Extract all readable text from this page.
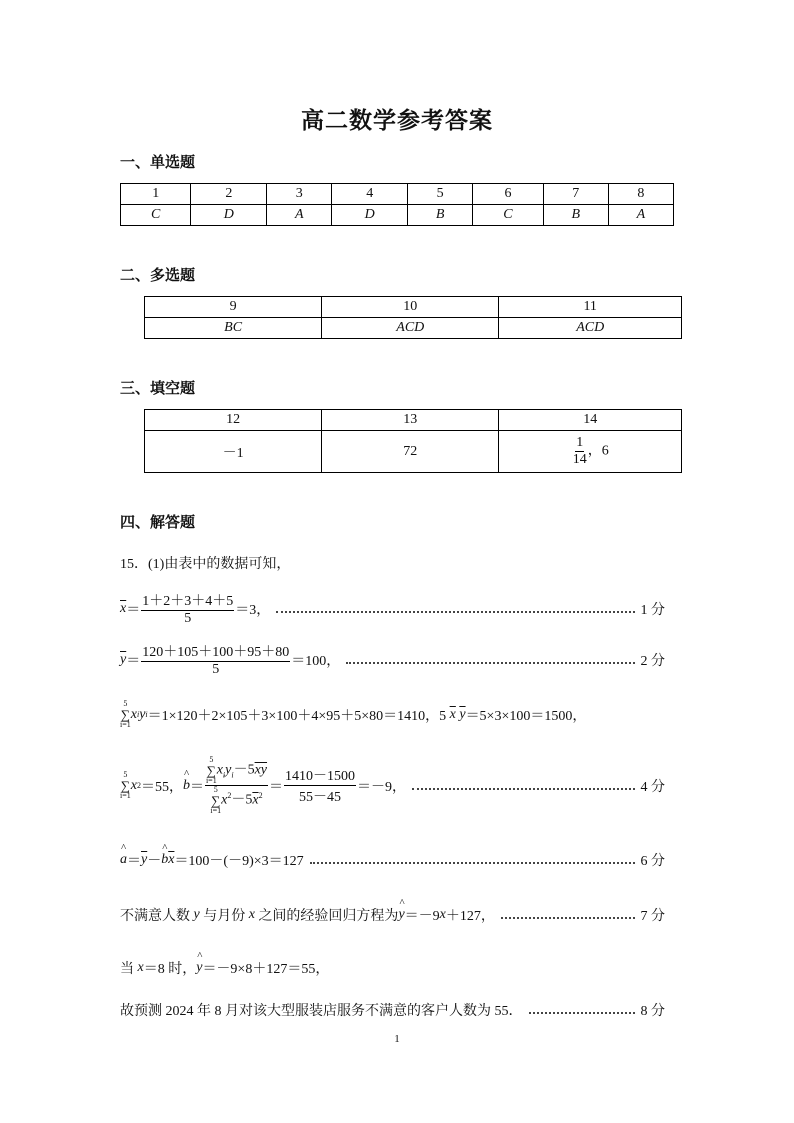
高二数学参考答案
一、单选题
1	2	3	4	5	6	7	8
C	D	A	D	B	C	B	A
二、多选题
9	10	11
BC	ACD	ACD
三、填空题
12	13	14
－1	72	$\frac{1}{14}$ ，6
四、解答题
15．(1)由表中的数据可知，
$\overline{x} = \frac{1+2+3+4+5}{5} =3$，	1 分
$\overline{y} = \frac{120+105+100+95+80}{5} =100$，	2 分
5
∑
i=1
x i y i ＝1×120＋2×105＋3×100＋4×95＋5×80＝1410，5
$\overline{x}$
$\overline{y} =5\times 3\times 100=1500$，
5
∑
i=1
x 2 ＝55， ^ b ＝ 5
∑
i=1
$x_iy_i-5\overline{xy}$
5
∑
i=1
$x^2-5\overline{x}^2 = \frac{1410-1500}{55-45} =-9$，	4 分
^ $a = \overline{y}$ － ^ b $\overline{x} =100-(-9)\times 3=127$	6 分
不满意人数
y
与月份
x
之间的经验回归方程为 ^ y ＝－9 x ＋127，	7 分
当
x ＝8 时， ^ y ＝－9×8＋127＝55，
故预测 2024 年 8 月对该大型服装店服务不满意的客户人数为 55．	8 分
1
